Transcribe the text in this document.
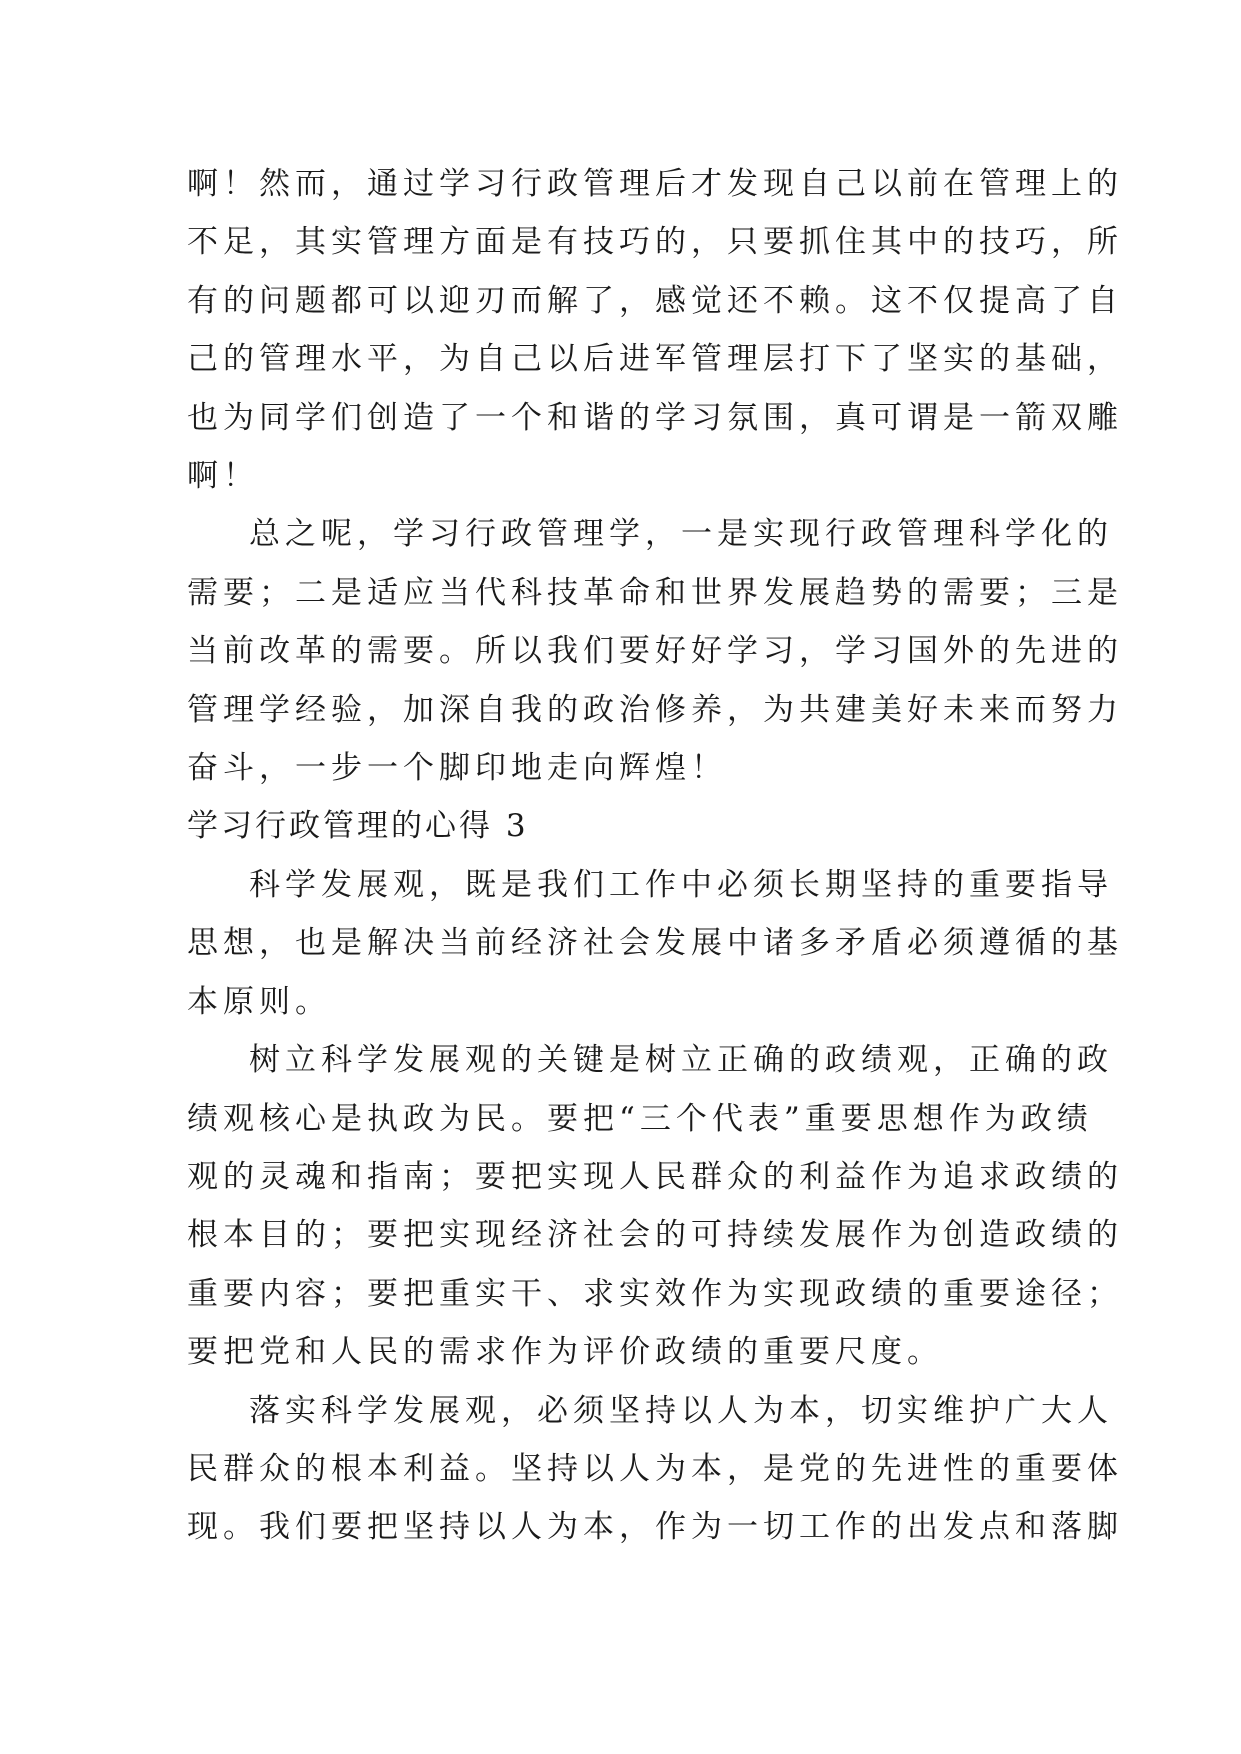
啊！然而，通过学习行政管理后才发现自己以前在管理上的
不足，其实管理方面是有技巧的，只要抓住其中的技巧，所
有的问题都可以迎刃而解了，感觉还不赖。这不仅提高了自
己的管理水平，为自己以后进军管理层打下了坚实的基础，
也为同学们创造了一个和谐的学习氛围，真可谓是一箭双雕
啊！

总之呢，学习行政管理学，一是实现行政管理科学化的
需要；二是适应当代科技革命和世界发展趋势的需要；三是
当前改革的需要。所以我们要好好学习，学习国外的先进的
管理学经验，加深自我的政治修养，为共建美好未来而努力
奋斗，一步一个脚印地走向辉煌！

学习行政管理的心得 3

科学发展观，既是我们工作中必须长期坚持的重要指导
思想，也是解决当前经济社会发展中诸多矛盾必须遵循的基
本原则。

树立科学发展观的关键是树立正确的政绩观，正确的政
绩观核心是执政为民。要把“三个代表”重要思想作为政绩
观的灵魂和指南；要把实现人民群众的利益作为追求政绩的
根本目的；要把实现经济社会的可持续发展作为创造政绩的
重要内容；要把重实干、求实效作为实现政绩的重要途径；
要把党和人民的需求作为评价政绩的重要尺度。

落实科学发展观，必须坚持以人为本，切实维护广大人
民群众的根本利益。坚持以人为本，是党的先进性的重要体
现。我们要把坚持以人为本，作为一切工作的出发点和落脚
